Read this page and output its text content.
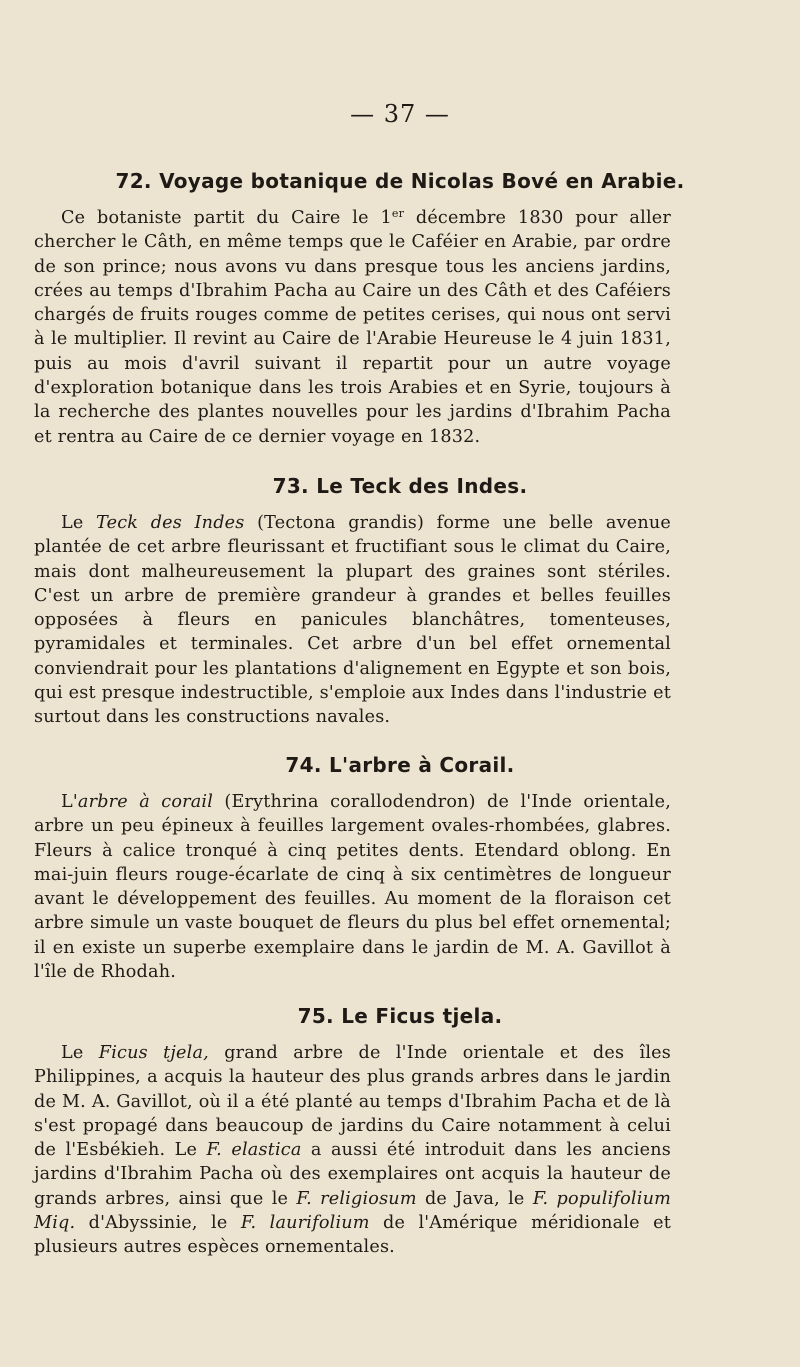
— 37 —
72. Voyage botanique de Nicolas Bové en Arabie.

Ce botaniste partit du Caire le 1er décembre 1830 pour aller chercher le Câth, en même temps que le Caféier en Arabie, par ordre de son prince; nous avons vu dans presque tous les anciens jardins, crées au temps d'Ibrahim Pacha au Caire un des Câth et des Caféiers chargés de fruits rouges comme de petites cerises, qui nous ont servi à le multiplier. Il revint au Caire de l'Arabie Heureuse le 4 juin 1831, puis au mois d'avril suivant il repartit pour un autre voyage d'exploration botanique dans les trois Arabies et en Syrie, toujours à la recherche des plantes nouvelles pour les jardins d'Ibrahim Pacha et rentra au Caire de ce dernier voyage en 1832.

73. Le Teck des Indes.

Le Teck des Indes (Tectona grandis) forme une belle avenue plantée de cet arbre fleurissant et fructifiant sous le climat du Caire, mais dont malheureusement la plupart des graines sont stériles. C'est un arbre de première grandeur à grandes et belles feuilles opposées à fleurs en panicules blanchâtres, tomenteuses, pyramidales et terminales. Cet arbre d'un bel effet ornemental conviendrait pour les plantations d'alignement en Egypte et son bois, qui est presque indestructible, s'emploie aux Indes dans l'industrie et surtout dans les constructions navales.

74. L'arbre à Corail.

L'arbre à corail (Erythrina corallodendron) de l'Inde orientale, arbre un peu épineux à feuilles largement ovales-rhombées, glabres. Fleurs à calice tronqué à cinq petites dents. Etendard oblong. En mai-juin fleurs rouge-écarlate de cinq à six centimètres de longueur avant le développement des feuilles. Au moment de la floraison cet arbre simule un vaste bouquet de fleurs du plus bel effet ornemental; il en existe un superbe exemplaire dans le jardin de M. A. Gavillot à l'île de Rhodah.

75. Le Ficus tjela.

Le Ficus tjela, grand arbre de l'Inde orientale et des îles Philippines, a acquis la hauteur des plus grands arbres dans le jardin de M. A. Gavillot, où il a été planté au temps d'Ibrahim Pacha et de là s'est propagé dans beaucoup de jardins du Caire notamment à celui de l'Esbékieh. Le F. elastica a aussi été introduit dans les anciens jardins d'Ibrahim Pacha où des exemplaires ont acquis la hauteur de grands arbres, ainsi que le F. religiosum de Java, le F. populifolium Miq. d'Abyssinie, le F. laurifolium de l'Amérique méridionale et plusieurs autres espèces ornementales.
